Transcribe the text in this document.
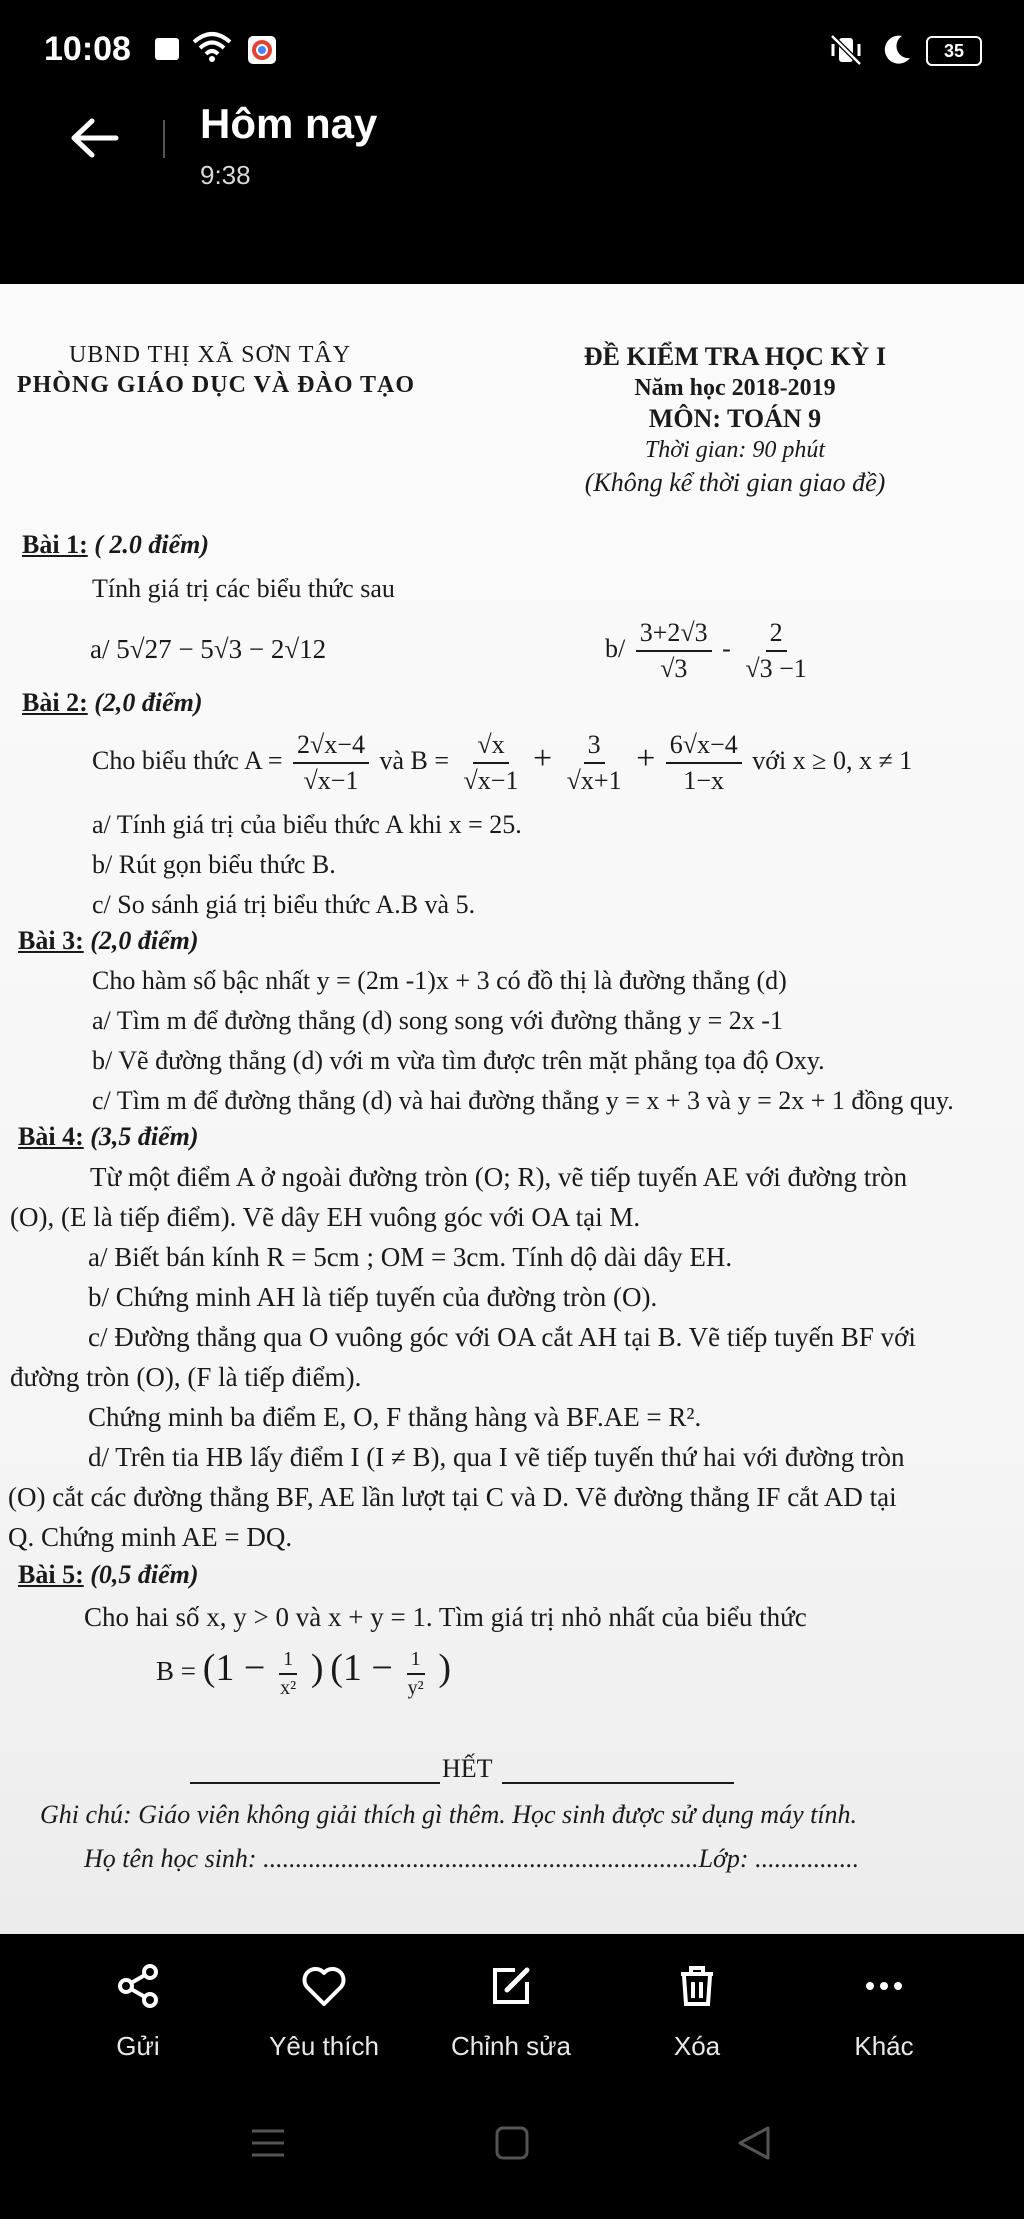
10:08	35
Hôm nay
9:38
UBND THỊ XÃ SƠN TÂY
PHÒNG GIÁO DỤC VÀ ĐÀO TẠO
ĐỀ KIỂM TRA HỌC KỲ I
Năm học 2018-2019
MÔN: TOÁN 9
Thời gian: 90 phút
(Không kể thời gian giao đề)
Bài 1: ( 2.0 điểm)
Tính giá trị các biểu thức sau
a/ 5√27 − 5√3 − 2√12	$b/ \frac{3+2√3}{√3} - \frac{2}{√3 -1}$
Bài 2: (2,0 điểm)
Cho biểu thức $A = \frac{2√x-4}{√x-1}$ và $B = \frac{√x}{√x-1} + \frac{3}{√x+1} + \frac{6√x-4}{1-x}$ với x ≥ 0, x ≠ 1
a/ Tính giá trị của biểu thức A khi x = 25.
b/ Rút gọn biểu thức B.
c/ So sánh giá trị biểu thức A.B và 5.
Bài 3: (2,0 điểm)
Cho hàm số bậc nhất y = (2m -1)x + 3 có đồ thị là đường thẳng (d)
a/ Tìm m để đường thẳng (d) song song với đường thẳng y = 2x -1
b/ Vẽ đường thẳng (d) với m vừa tìm được trên mặt phẳng tọa độ Oxy.
c/ Tìm m để đường thẳng (d) và hai đường thẳng y = x + 3 và y = 2x + 1 đồng quy.
Bài 4: (3,5 điểm)
Từ một điểm A ở ngoài đường tròn (O; R), vẽ tiếp tuyến AE với đường tròn
(O), (E là tiếp điểm). Vẽ dây EH vuông góc với OA tại M.
a/ Biết bán kính R = 5cm ; OM = 3cm. Tính dộ dài dây EH.
b/ Chứng minh AH là tiếp tuyến của đường tròn (O).
c/ Đường thẳng qua O vuông góc với OA cắt AH tại B. Vẽ tiếp tuyến BF với
đường tròn (O), (F là tiếp điểm).
Chứng minh ba điểm E, O, F thẳng hàng và BF.AE = R².
d/ Trên tia HB lấy điểm I (I ≠ B), qua I vẽ tiếp tuyến thứ hai với đường tròn
(O) cắt các đường thẳng BF, AE lần lượt tại C và D. Vẽ đường thẳng IF cắt AD tại
Q. Chứng minh AE = DQ.
Bài 5: (0,5 điểm)
Cho hai số x, y > 0 và x + y = 1. Tìm giá trị nhỏ nhất của biểu thức
$B = (1 - \frac{1}{\text{x²}}$ ) ($1 - \frac{1}{\text{y²}}$ )
HẾT
Ghi chú: Giáo viên không giải thích gì thêm. Học sinh được sử dụng máy tính.
Họ tên học sinh: ...................................................................Lớp: ................
Gửi	Yêu thích	Chỉnh sửa	Xóa	Khác
